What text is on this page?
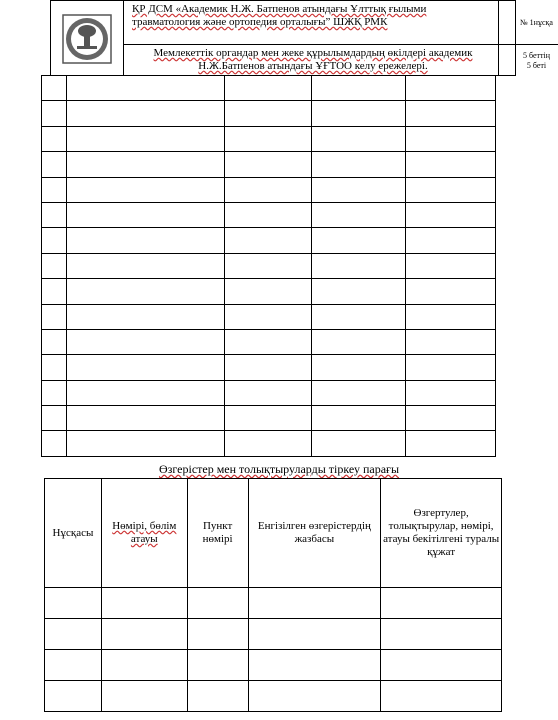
ҚР ДСМ «Академик Н.Ж. Батпенов атындағы Ұлттық ғылыми травматология және ортопедия орталығы” ШЖҚ РМК
Мемлекеттік органдар мен жеке құрылымдардың өкілдері академик Н.Ж.Батпенов атындағы ҰҒТОО келу ережелері.
№ 1нұсқа
5 беттің
5 беті

Өзгерістер мен толықтыруларды тіркеу парағы
Нұсқасы	Нөмірі, бөлім атауы	Пункт нөмірі	Енгізілген өзгерістердің жазбасы	Өзгертулер, толықтырулар, нөмірі, атауы бекітілгені туралы құжат
